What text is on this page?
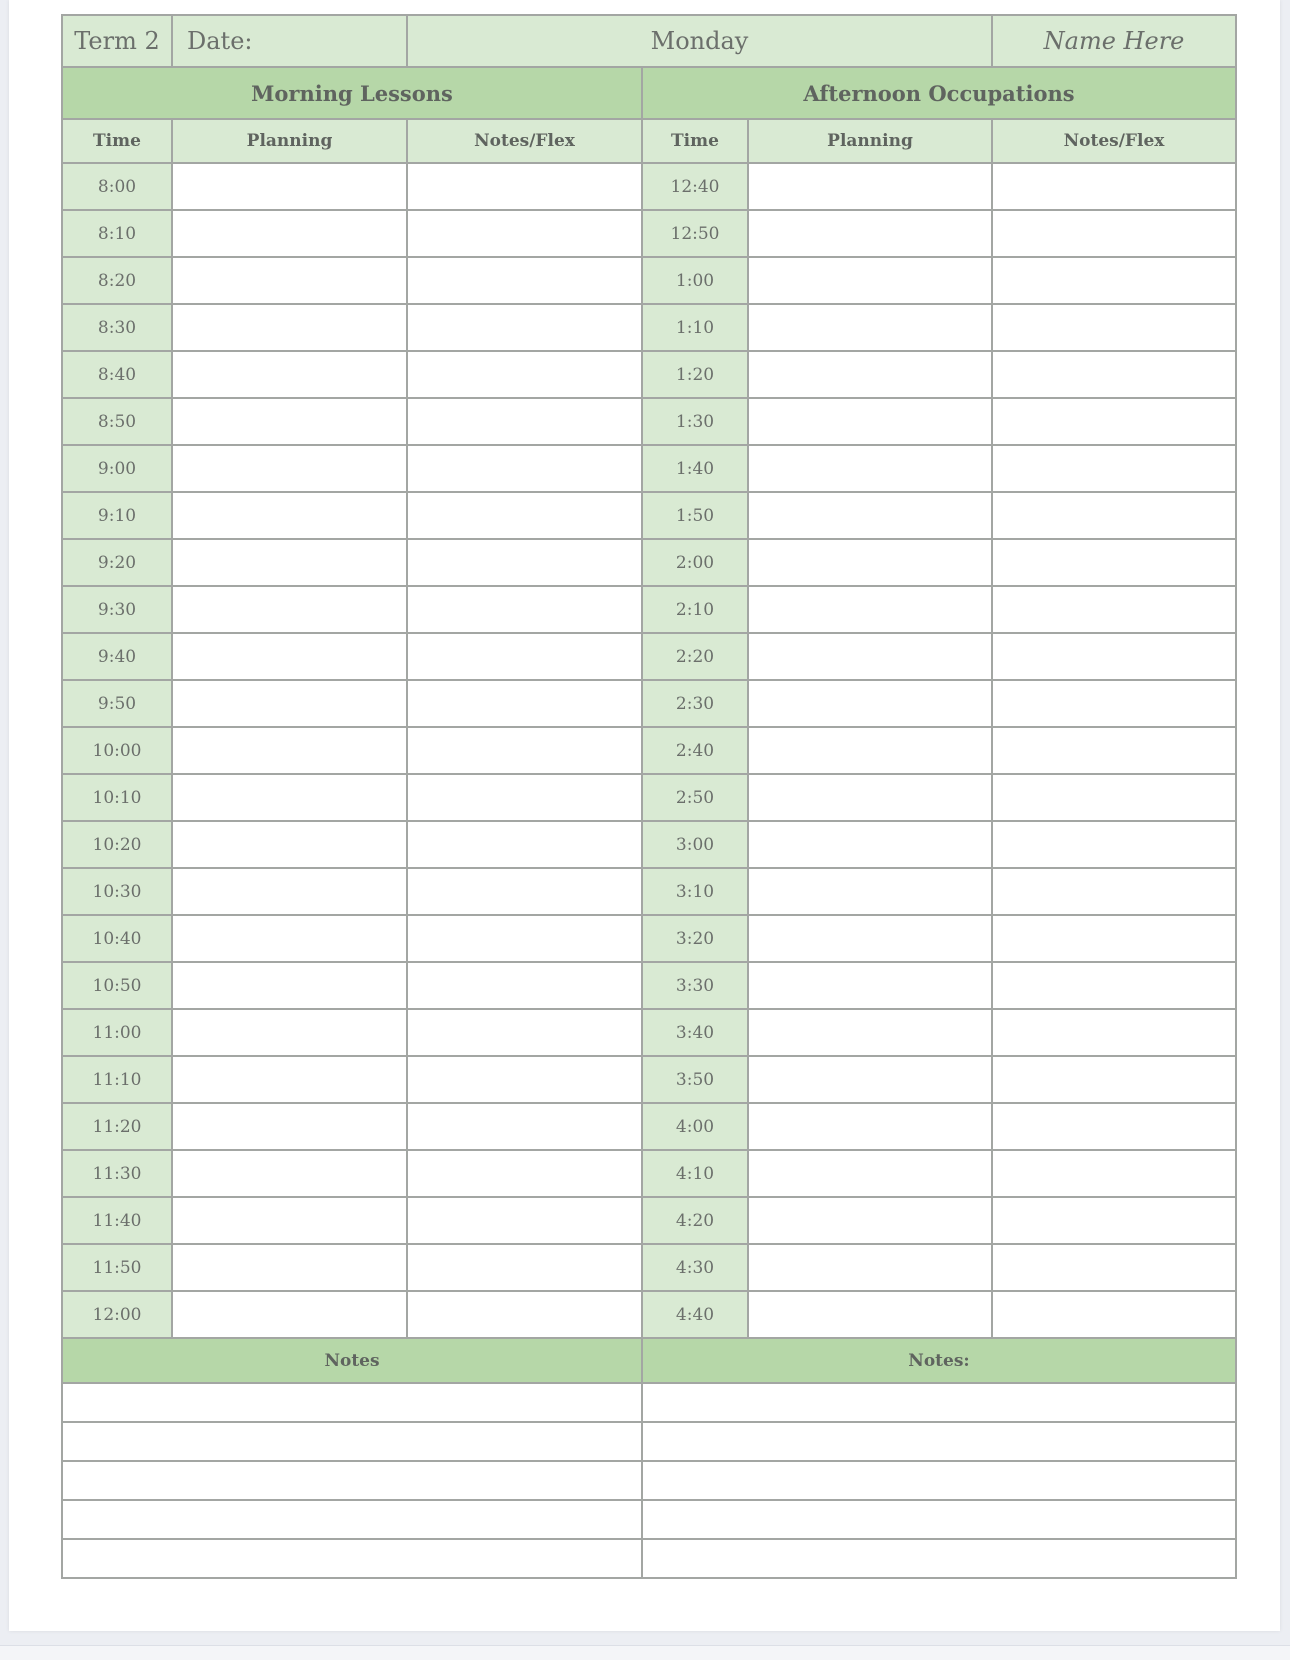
Term 2	Date:	Monday			Name Here
Morning Lessons			Afternoon Occupations		
Time	Planning	Notes/Flex	Time	Planning	Notes/Flex
8:00			12:40		
8:10			12:50		
8:20			1:00		
8:30			1:10		
8:40			1:20		
8:50			1:30		
9:00			1:40		
9:10			1:50		
9:20			2:00		
9:30			2:10		
9:40			2:20		
9:50			2:30		
10:00			2:40		
10:10			2:50		
10:20			3:00		
10:30			3:10		
10:40			3:20		
10:50			3:30		
11:00			3:40		
11:10			3:50		
11:20			4:00		
11:30			4:10		
11:40			4:20		
11:50			4:30		
12:00			4:40		
Notes			Notes:		
